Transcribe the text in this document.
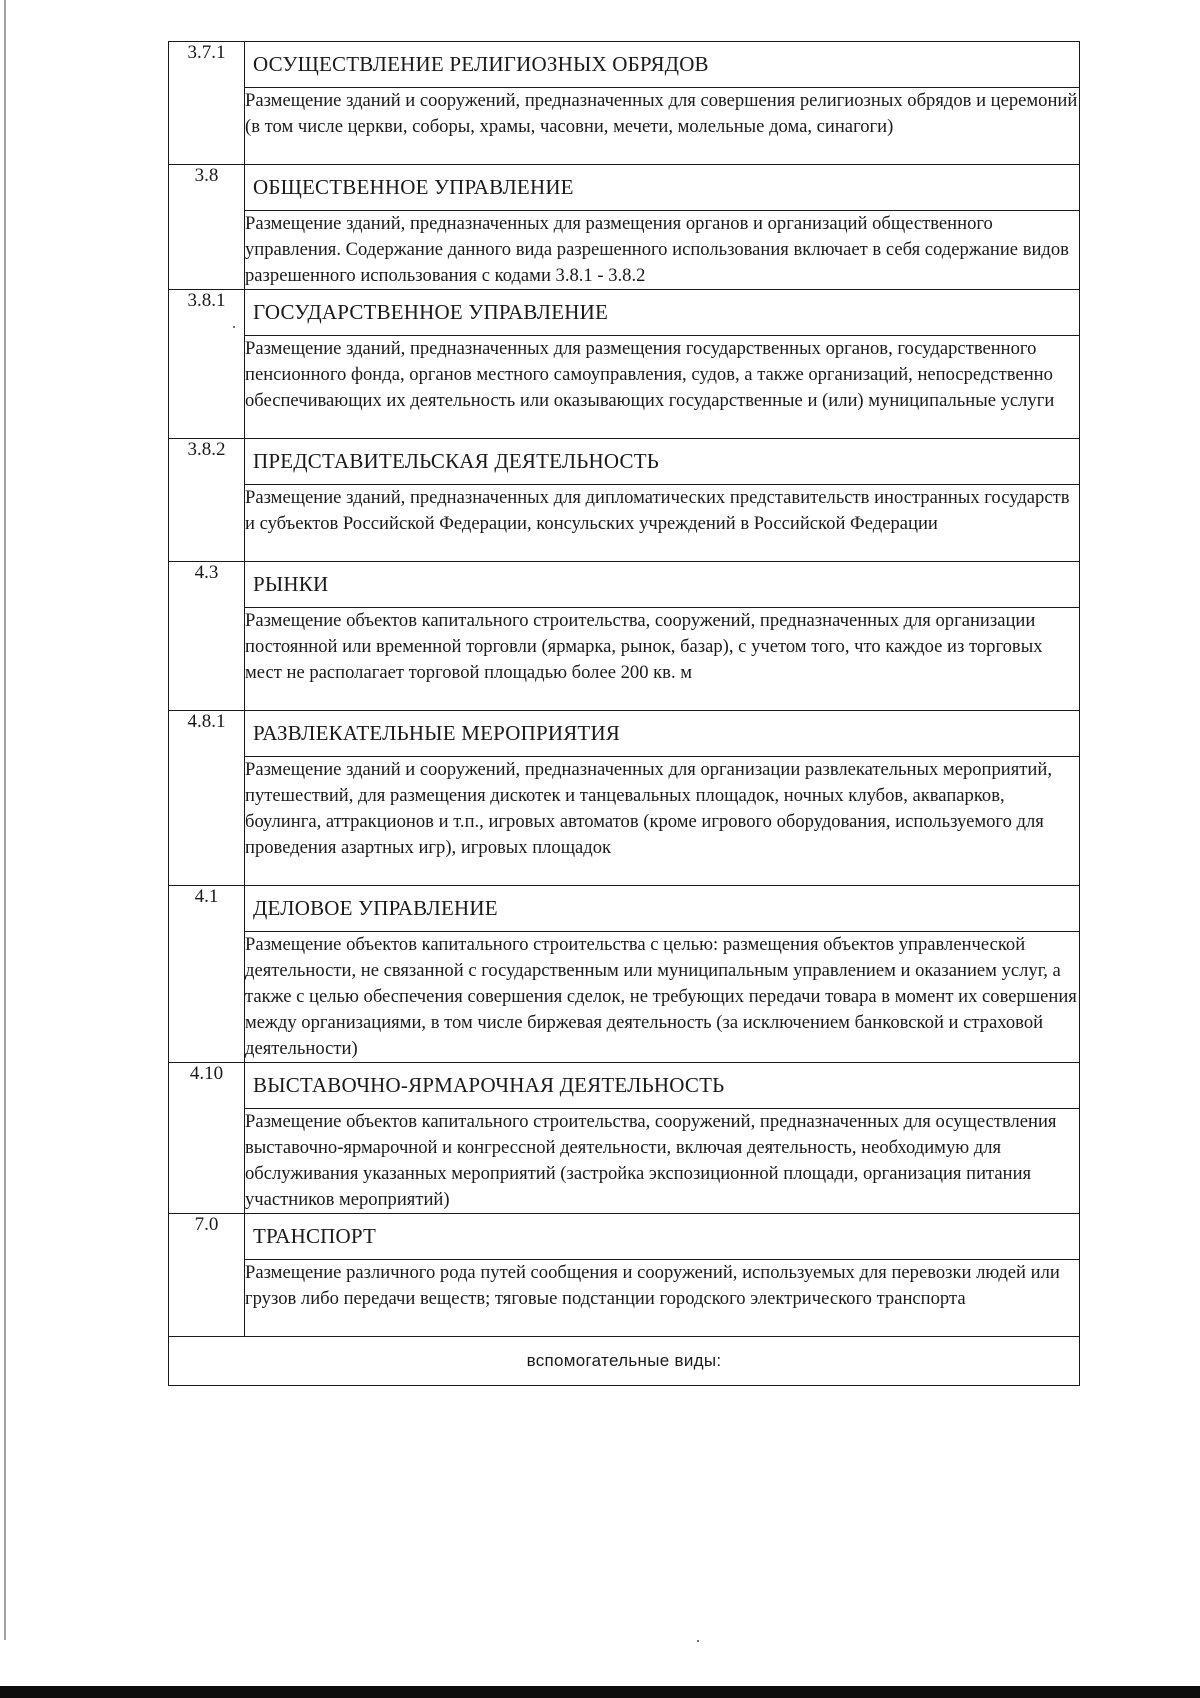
3.7.1	ОСУЩЕСТВЛЕНИЕ РЕЛИГИОЗНЫХ ОБРЯДОВ
	Размещение зданий и сооружений, предназначенных для совершения религиозных обрядов и церемоний (в том числе церкви, соборы, храмы, часовни, мечети, молельные дома, синагоги)
3.8	ОБЩЕСТВЕННОЕ УПРАВЛЕНИЕ
	Размещение зданий, предназначенных для размещения органов и организаций общественного управления. Содержание данного вида разрешенного использования включает в себя содержание видов разрешенного использования с кодами 3.8.1 - 3.8.2
3.8.1	ГОСУДАРСТВЕННОЕ УПРАВЛЕНИЕ
	Размещение зданий, предназначенных для размещения государственных органов, государственного пенсионного фонда, органов местного самоуправления, судов, а также организаций, непосредственно обеспечивающих их деятельность или оказывающих государственные и (или) муниципальные услуги
3.8.2	ПРЕДСТАВИТЕЛЬСКАЯ ДЕЯТЕЛЬНОСТЬ
	Размещение зданий, предназначенных для дипломатических представительств иностранных государств и субъектов Российской Федерации, консульских учреждений в Российской Федерации
4.3	РЫНКИ
	Размещение объектов капитального строительства, сооружений, предназначенных для организации постоянной или временной торговли (ярмарка, рынок, базар), с учетом того, что каждое из торговых мест не располагает торговой площадью более 200 кв. м
4.8.1	РАЗВЛЕКАТЕЛЬНЫЕ МЕРОПРИЯТИЯ
	Размещение зданий и сооружений, предназначенных для организации развлекательных мероприятий, путешествий, для размещения дискотек и танцевальных площадок, ночных клубов, аквапарков, боулинга, аттракционов и т.п., игровых автоматов (кроме игрового оборудования, используемого для проведения азартных игр), игровых площадок
4.1	ДЕЛОВОЕ УПРАВЛЕНИЕ
	Размещение объектов капитального строительства с целью: размещения объектов управленческой деятельности, не связанной с государственным или муниципальным управлением и оказанием услуг, а также с целью обеспечения совершения сделок, не требующих передачи товара в момент их совершения между организациями, в том числе биржевая деятельность (за исключением банковской и страховой деятельности)
4.10	ВЫСТАВОЧНО-ЯРМАРОЧНАЯ ДЕЯТЕЛЬНОСТЬ
	Размещение объектов капитального строительства, сооружений, предназначенных для осуществления выставочно-ярмарочной и конгрессной деятельности, включая деятельность, необходимую для обслуживания указанных мероприятий (застройка экспозиционной площади, организация питания участников мероприятий)
7.0	ТРАНСПОРТ
	Размещение различного рода путей сообщения и сооружений, используемых для перевозки людей или грузов либо передачи веществ; тяговые подстанции городского электрического транспорта
вспомогательные виды:	
